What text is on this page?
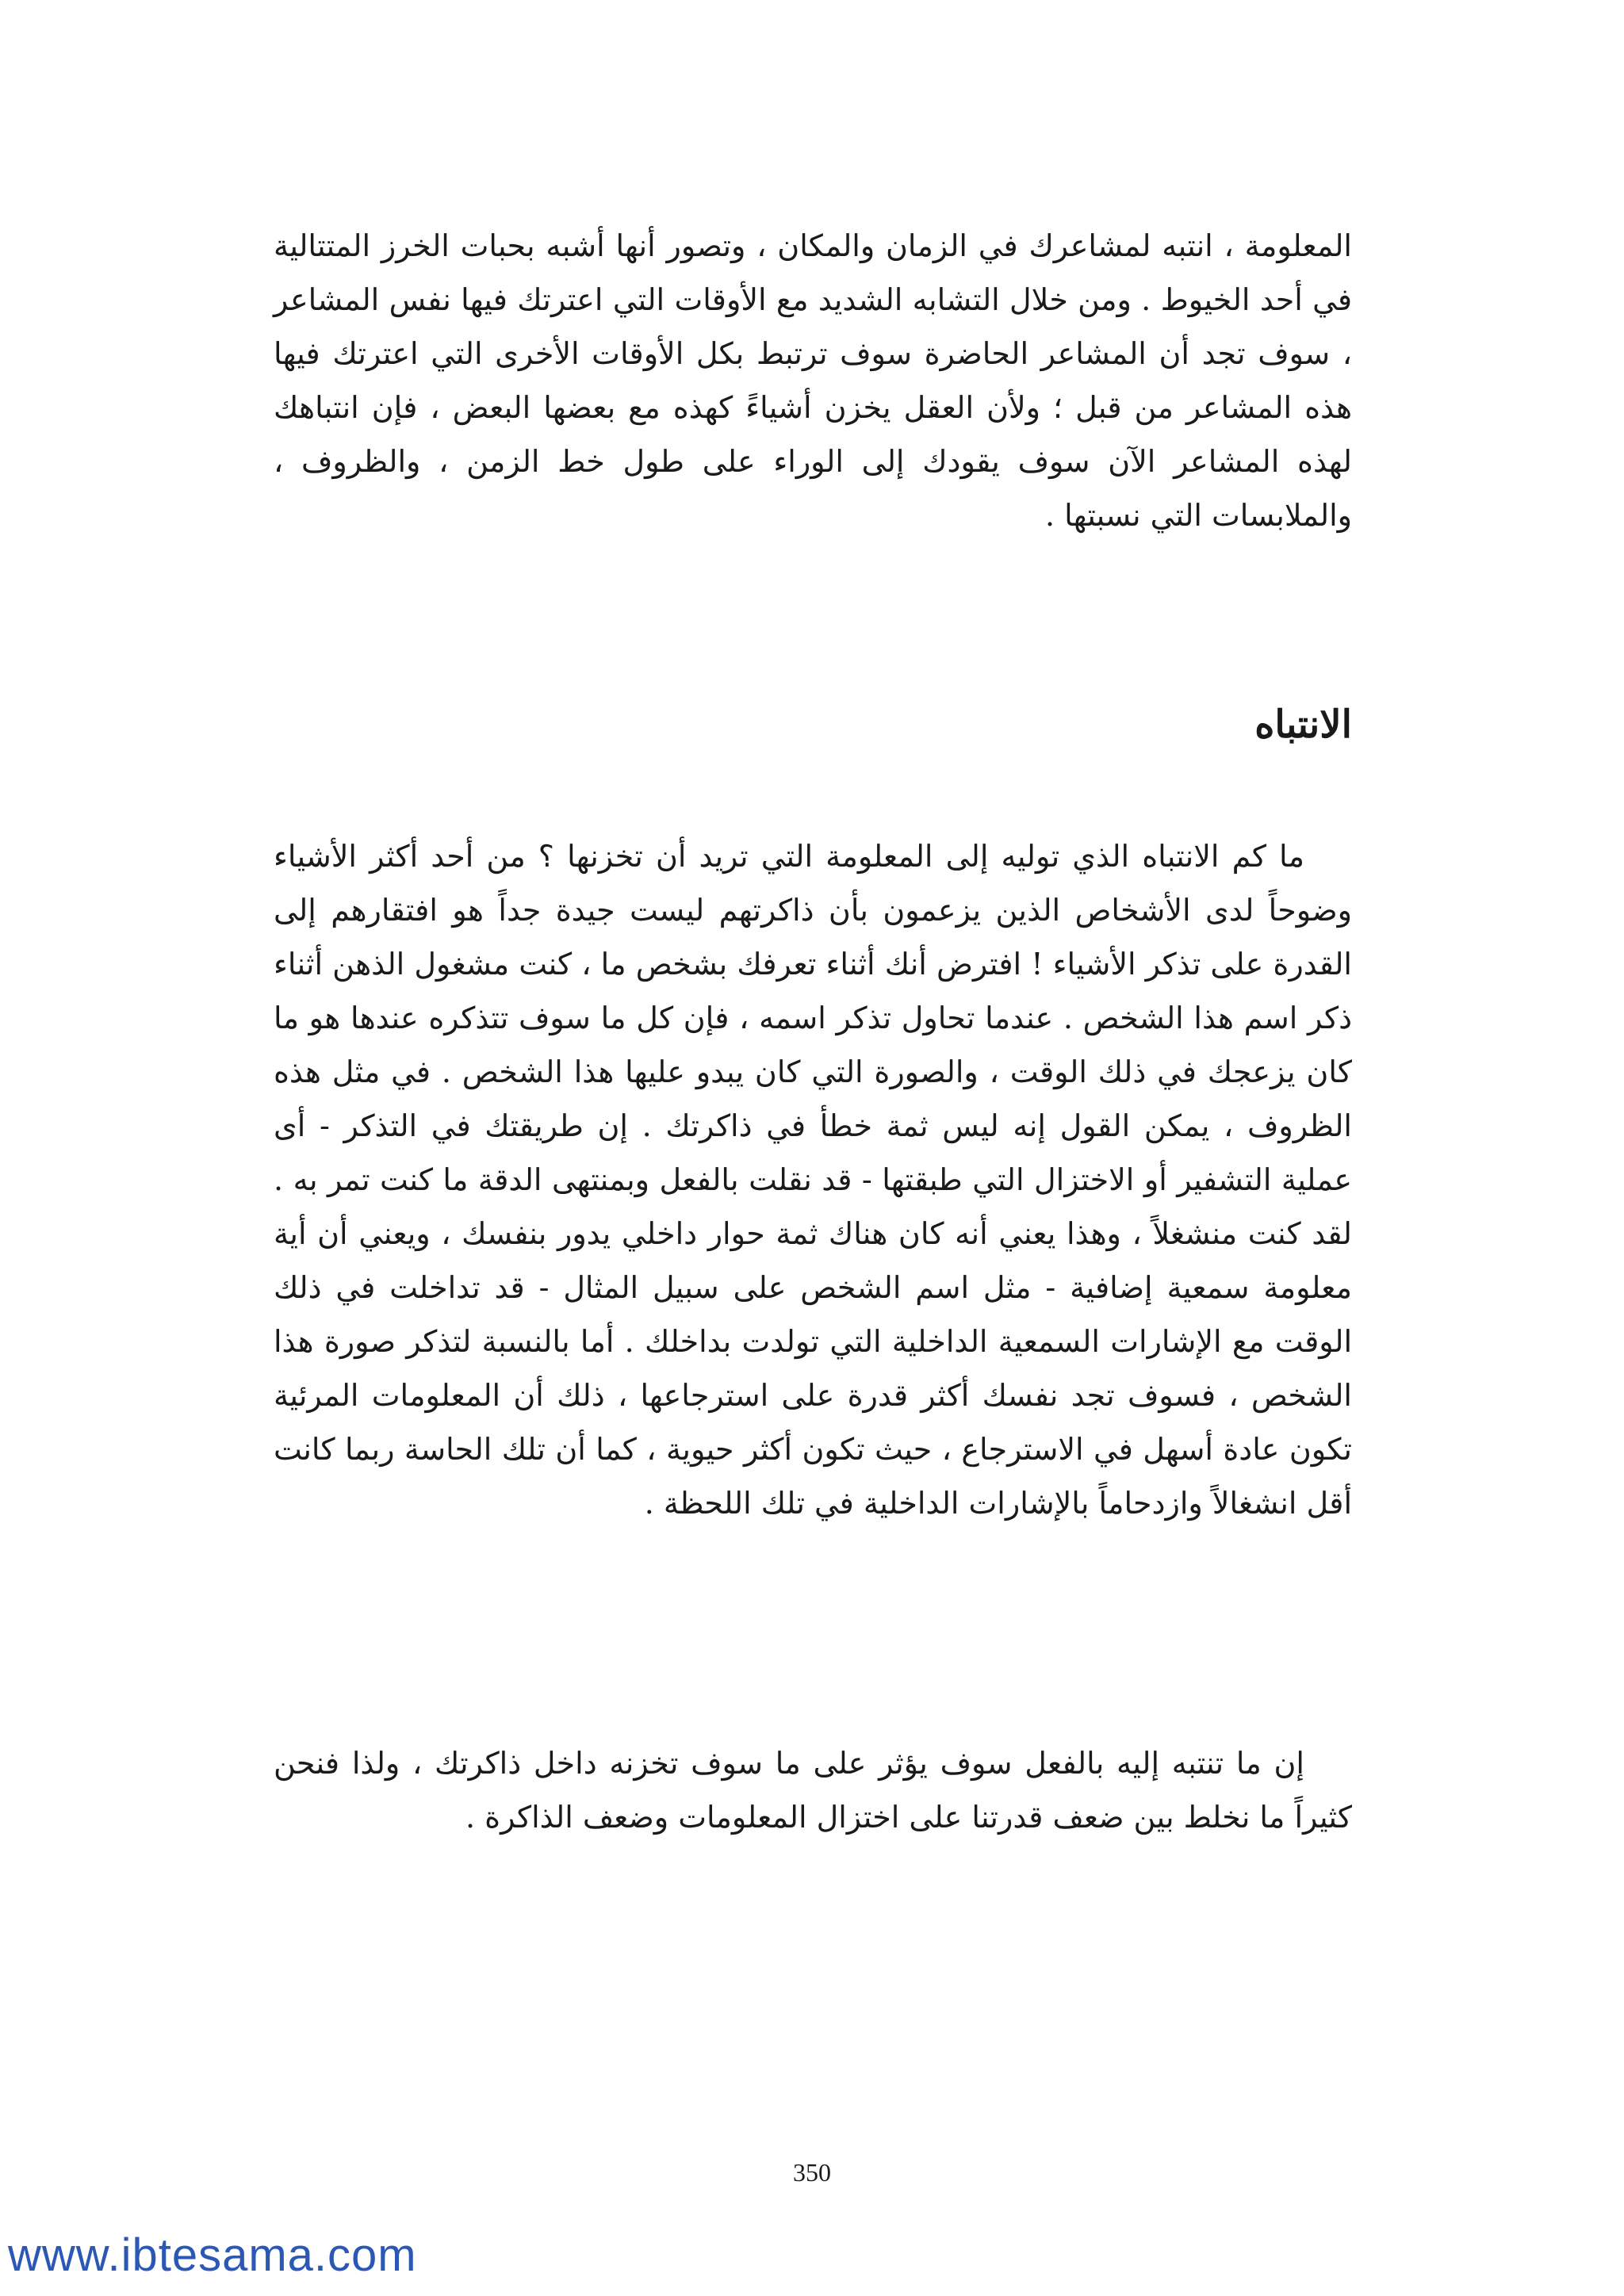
المعلومة ، انتبه لمشاعرك في الزمان والمكان ، وتصور أنها أشبه بحبات الخرز المتتالية في أحد الخيوط . ومن خلال التشابه الشديد مع الأوقات التي اعترتك فيها نفس المشاعر ، سوف تجد أن المشاعر الحاضرة سوف ترتبط بكل الأوقات الأخرى التي اعترتك فيها هذه المشاعر من قبل ؛ ولأن العقل يخزن أشياءً كهذه مع بعضها البعض ، فإن انتباهك لهذه المشاعر الآن سوف يقودك إلى الوراء على طول خط الزمن ، والظروف ، والملابسات التي نسبتها .

الانتباه

ما كم الانتباه الذي توليه إلى المعلومة التي تريد أن تخزنها ؟ من أحد أكثر الأشياء وضوحاً لدى الأشخاص الذين يزعمون بأن ذاكرتهم ليست جيدة جداً هو افتقارهم إلى القدرة على تذكر الأشياء ! افترض أنك أثناء تعرفك بشخص ما ، كنت مشغول الذهن أثناء ذكر اسم هذا الشخص . عندما تحاول تذكر اسمه ، فإن كل ما سوف تتذكره عندها هو ما كان يزعجك في ذلك الوقت ، والصورة التي كان يبدو عليها هذا الشخص . في مثل هذه الظروف ، يمكن القول إنه ليس ثمة خطأ في ذاكرتك . إن طريقتك في التذكر - أى عملية التشفير أو الاختزال التي طبقتها - قد نقلت بالفعل وبمنتهى الدقة ما كنت تمر به . لقد كنت منشغلاً ، وهذا يعني أنه كان هناك ثمة حوار داخلي يدور بنفسك ، ويعني أن أية معلومة سمعية إضافية - مثل اسم الشخص على سبيل المثال - قد تداخلت في ذلك الوقت مع الإشارات السمعية الداخلية التي تولدت بداخلك . أما بالنسبة لتذكر صورة هذا الشخص ، فسوف تجد نفسك أكثر قدرة على استرجاعها ، ذلك أن المعلومات المرئية تكون عادة أسهل في الاسترجاع ، حيث تكون أكثر حيوية ، كما أن تلك الحاسة ربما كانت أقل انشغالاً وازدحاماً بالإشارات الداخلية في تلك اللحظة .

إن ما تنتبه إليه بالفعل سوف يؤثر على ما سوف تخزنه داخل ذاكرتك ، ولذا فنحن كثيراً ما نخلط بين ضعف قدرتنا على اختزال المعلومات وضعف الذاكرة .

350
www.ibtesama.com
